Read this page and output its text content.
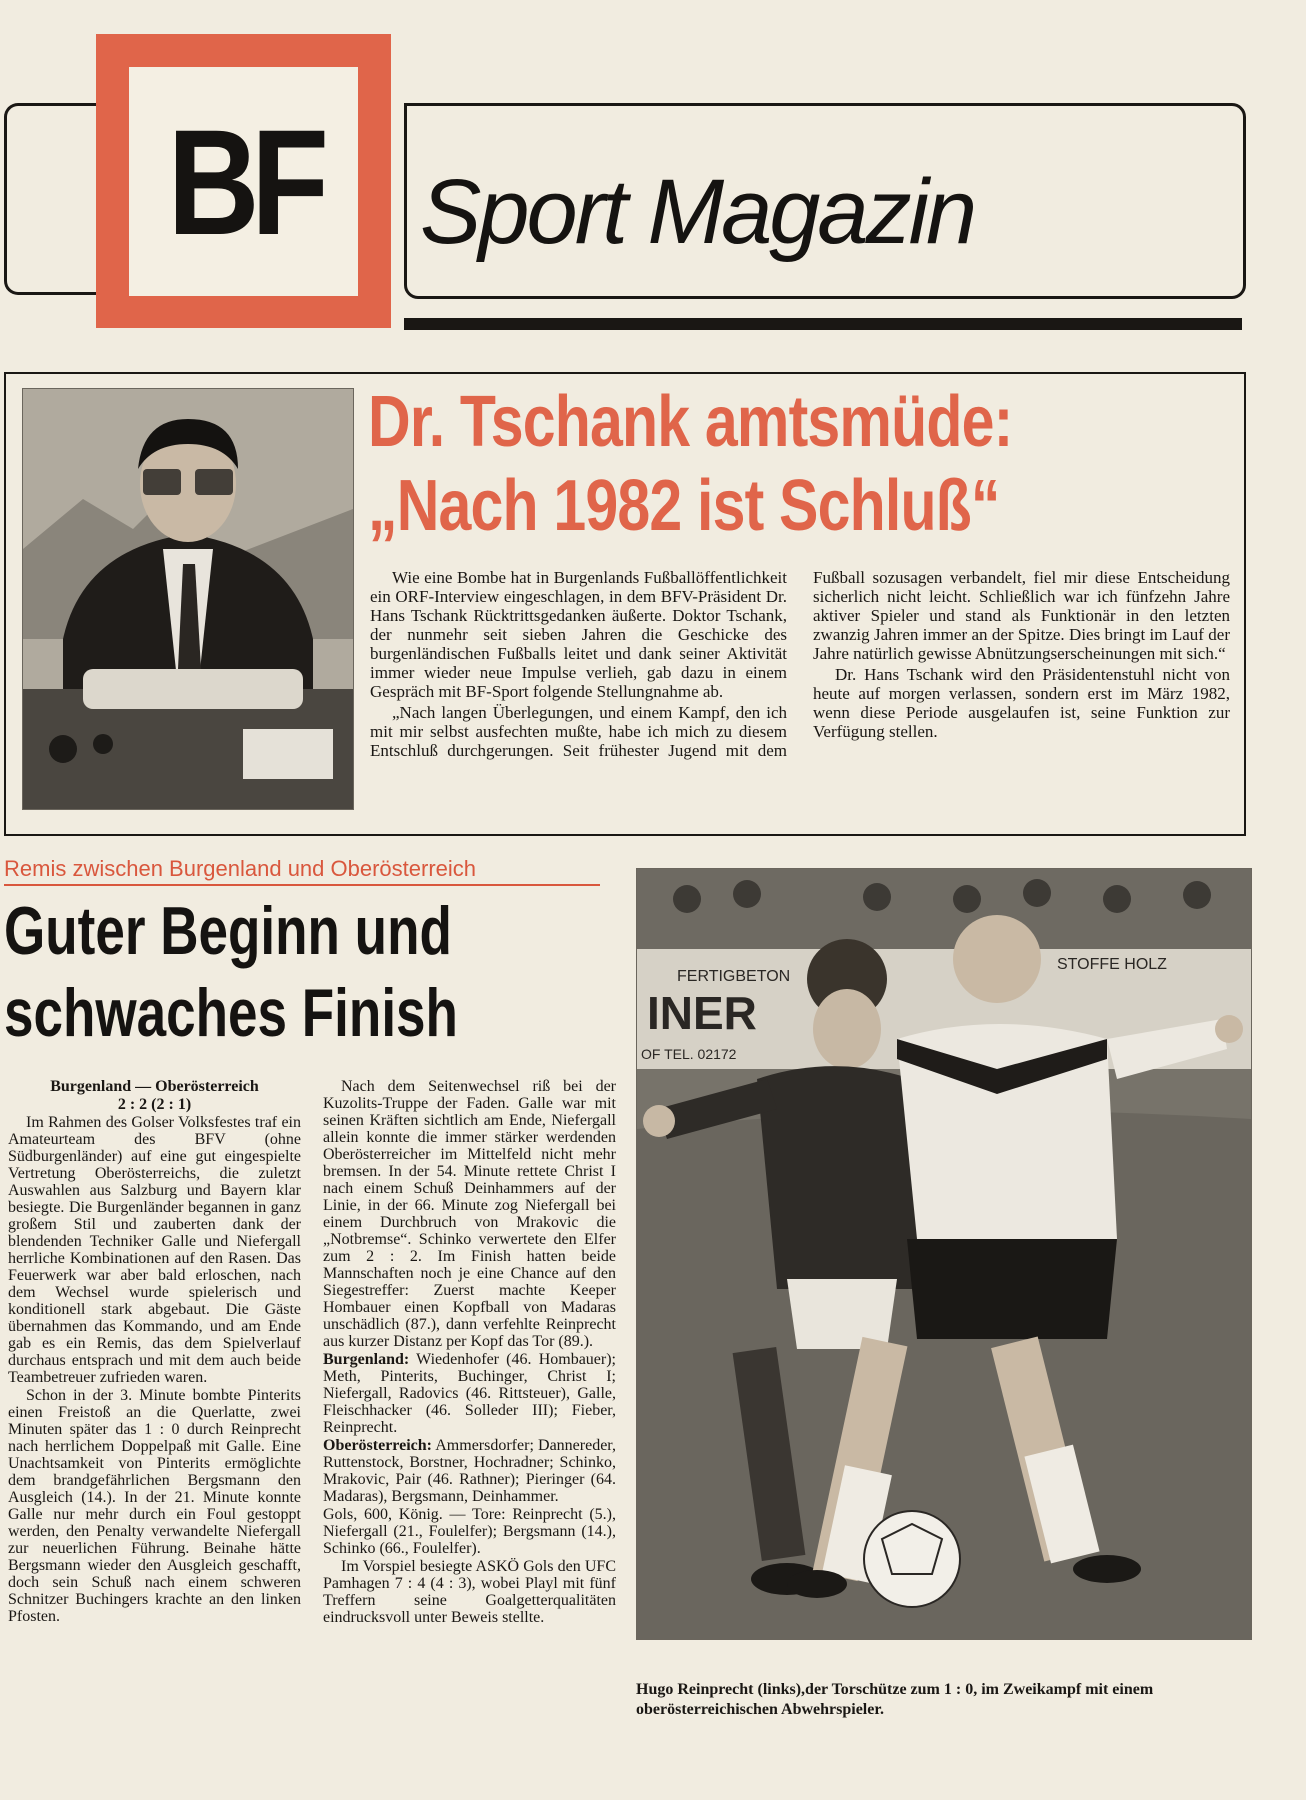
BF Sport Magazin
Dr. Tschank amtsmüde:
„Nach 1982 ist Schluß“

Wie eine Bombe hat in Burgenlands Fußballöffentlichkeit ein ORF-Interview eingeschlagen, in dem BFV-Präsident Dr. Hans Tschank Rücktrittsgedanken äußerte. Doktor Tschank, der nunmehr seit sieben Jahren die Geschicke des burgenländischen Fußballs leitet und dank seiner Aktivität immer wieder neue Impulse verlieh, gab dazu in einem Gespräch mit BF-Sport folgende Stellungnahme ab.

„Nach langen Überlegungen, und einem Kampf, den ich mit mir selbst ausfechten mußte, habe ich mich zu diesem Entschluß durchgerungen. Seit frühester Jugend mit dem Fußball sozusagen verbandelt, fiel mir diese Entscheidung sicherlich nicht leicht. Schließlich war ich fünfzehn Jahre aktiver Spieler und stand als Funktionär in den letzten zwanzig Jahren immer an der Spitze. Dies bringt im Lauf der Jahre natürlich gewisse Abnützungserscheinungen mit sich.“

Dr. Hans Tschank wird den Präsidentenstuhl nicht von heute auf morgen verlassen, sondern erst im März 1982, wenn diese Periode ausgelaufen ist, seine Funktion zur Verfügung stellen.

Remis zwischen Burgenland und Oberösterreich
Guter Beginn und
schwaches Finish

Burgenland — Oberösterreich

2 : 2 (2 : 1)

Im Rahmen des Golser Volksfestes traf ein Amateurteam des BFV (ohne Südburgenländer) auf eine gut eingespielte Vertretung Oberösterreichs, die zuletzt Auswahlen aus Salzburg und Bayern klar besiegte. Die Burgenländer begannen in ganz großem Stil und zauberten dank der blendenden Techniker Galle und Niefergall herrliche Kombinationen auf den Rasen. Das Feuerwerk war aber bald erloschen, nach dem Wechsel wurde spielerisch und konditionell stark abgebaut. Die Gäste übernahmen das Kommando, und am Ende gab es ein Remis, das dem Spielverlauf durchaus entsprach und mit dem auch beide Teambetreuer zufrieden waren.

Schon in der 3. Minute bombte Pinterits einen Freistoß an die Querlatte, zwei Minuten später das 1 : 0 durch Reinprecht nach herrlichem Doppelpaß mit Galle. Eine Unachtsamkeit von Pinterits ermöglichte dem brandgefährlichen Bergsmann den Ausgleich (14.). In der 21. Minute konnte Galle nur mehr durch ein Foul gestoppt werden, den Penalty verwandelte Niefergall zur neuerlichen Führung. Beinahe hätte Bergsmann wieder den Ausgleich geschafft, doch sein Schuß nach einem schweren Schnitzer Buchingers krachte an den linken Pfosten.

Nach dem Seitenwechsel riß bei der Kuzolits-Truppe der Faden. Galle war mit seinen Kräften sichtlich am Ende, Niefergall allein konnte die immer stärker werdenden Oberösterreicher im Mittelfeld nicht mehr bremsen. In der 54. Minute rettete Christ I nach einem Schuß Deinhammers auf der Linie, in der 66. Minute zog Niefergall bei einem Durchbruch von Mrakovic die „Notbremse“. Schinko verwertete den Elfer zum 2 : 2. Im Finish hatten beide Mannschaften noch je eine Chance auf den Siegestreffer: Zuerst machte Keeper Hombauer einen Kopfball von Madaras unschädlich (87.), dann verfehlte Reinprecht aus kurzer Distanz per Kopf das Tor (89.).

Burgenland: Wiedenhofer (46. Hombauer); Meth, Pinterits, Buchinger, Christ I; Niefergall, Radovics (46. Rittsteuer), Galle, Fleischhacker (46. Solleder III); Fieber, Reinprecht.

Oberösterreich: Ammersdorfer; Dannereder, Ruttenstock, Borstner, Hochradner; Schinko, Mrakovic, Pair (46. Rathner); Pieringer (64. Madaras), Bergsmann, Deinhammer.

Gols, 600, König. — Tore: Reinprecht (5.), Niefergall (21., Foulelfer); Bergsmann (14.), Schinko (66., Foulelfer).

Im Vorspiel besiegte ASKÖ Gols den UFC Pamhagen 7 : 4 (4 : 3), wobei Playl mit fünf Treffern seine Goalgetterqualitäten eindrucksvoll unter Beweis stellte.

FERTIGBETON
INER
OF TEL. 02172
STOFFE HOLZ
Hugo Reinprecht (links),der Torschütze zum 1 : 0, im Zweikampf mit einem oberösterreichischen Abwehrspieler.
